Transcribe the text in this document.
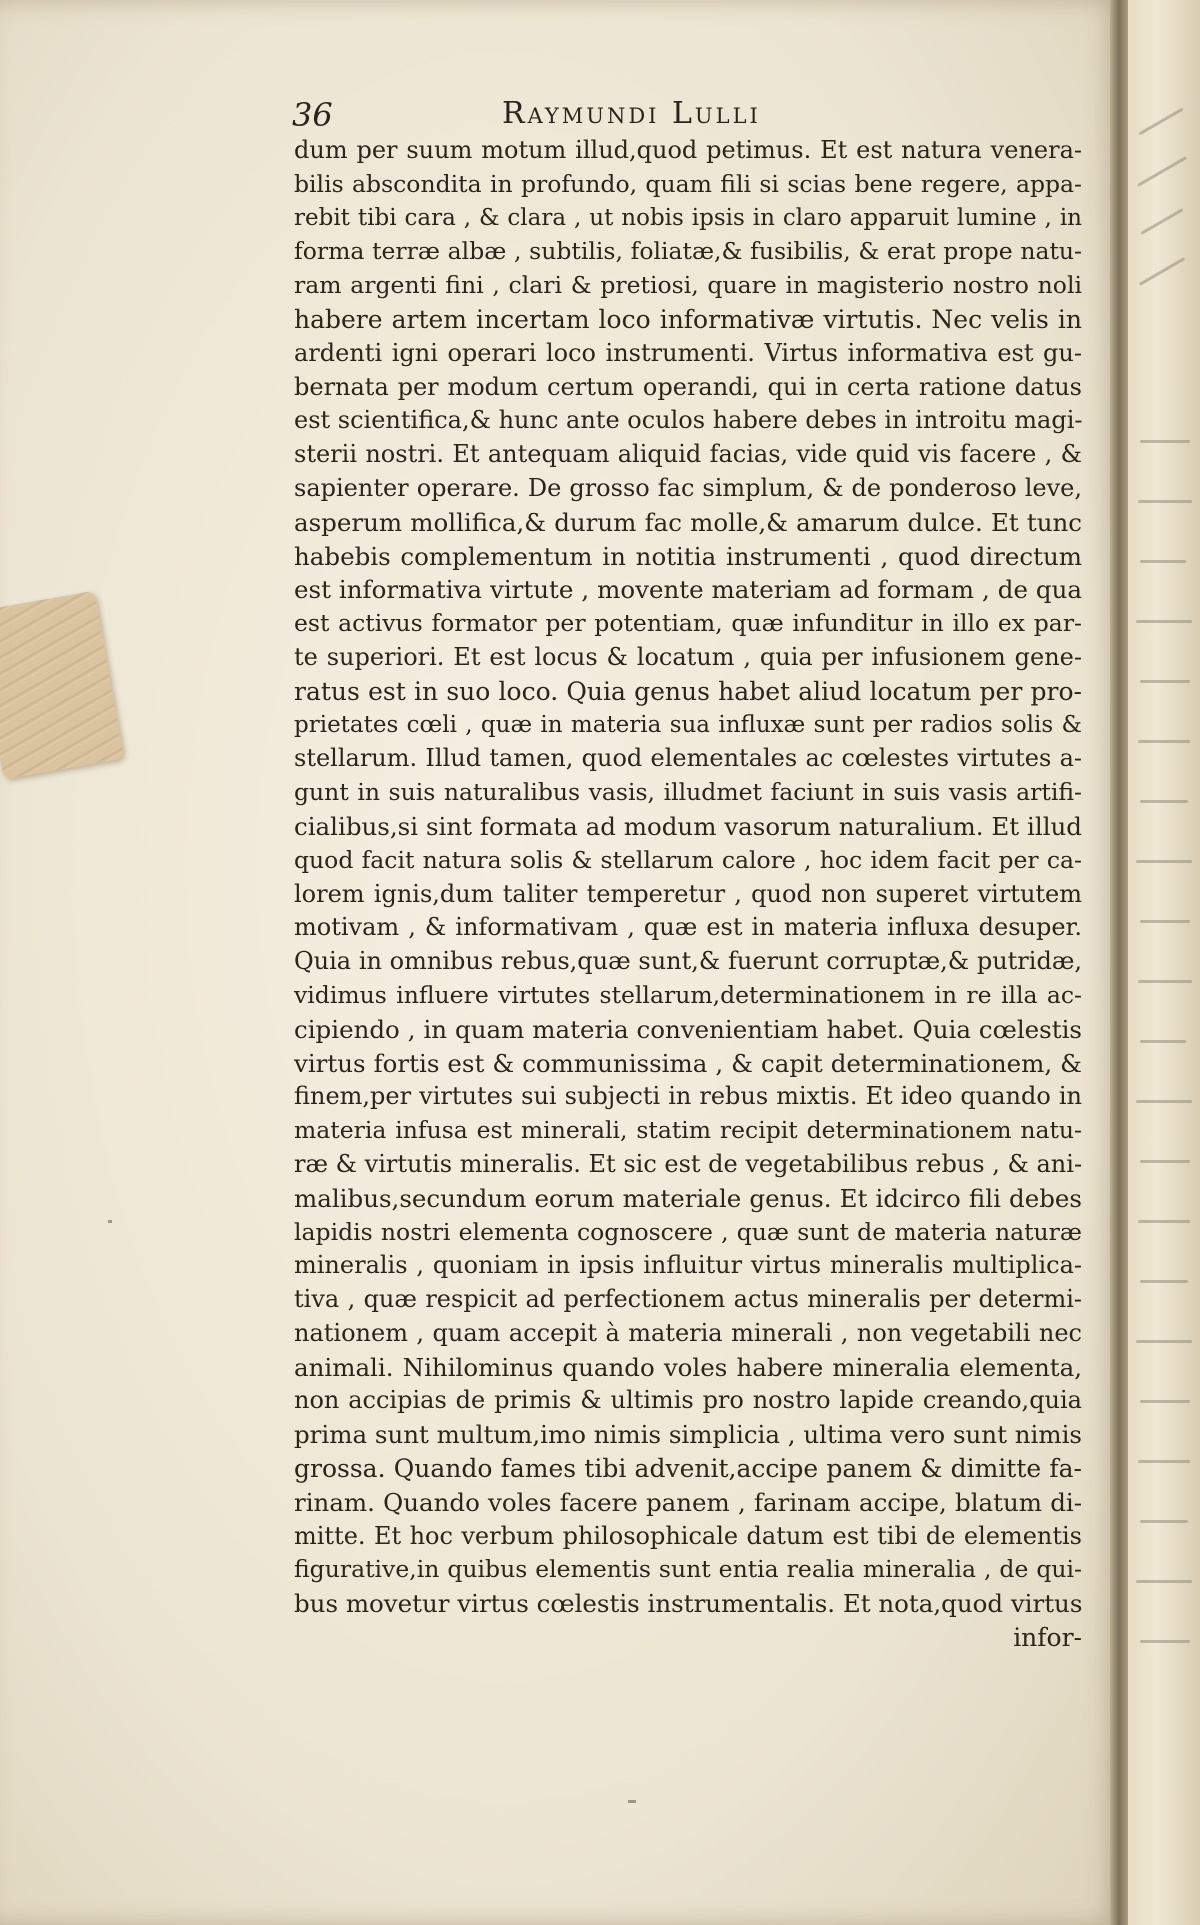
36	Raymundi Lulli
dum per suum motum illud,quod petimus. Et est natura venera-
bilis abscondita in profundo, quam fili si scias bene regere, appa-
rebit tibi cara , & clara , ut nobis ipsis in claro apparuit lumine , in
forma terræ albæ , subtilis, foliatæ,& fusibilis, & erat prope natu-
ram argenti fini , clari & pretiosi, quare in magisterio nostro noli
habere artem incertam loco informativæ virtutis. Nec velis in
ardenti igni operari loco instrumenti. Virtus informativa est gu-
bernata per modum certum operandi, qui in certa ratione datus
est scientifica,& hunc ante oculos habere debes in introitu magi-
sterii nostri. Et antequam aliquid facias, vide quid vis facere , &
sapienter operare. De grosso fac simplum, & de ponderoso leve,
asperum mollifica,& durum fac molle,& amarum dulce. Et tunc
habebis complementum in notitia instrumenti , quod directum
est informativa virtute , movente materiam ad formam , de qua
est activus formator per potentiam, quæ infunditur in illo ex par-
te superiori. Et est locus & locatum , quia per infusionem gene-
ratus est in suo loco. Quia genus habet aliud locatum per pro-
prietates cœli , quæ in materia sua influxæ sunt per radios solis &
stellarum. Illud tamen, quod elementales ac cœlestes virtutes a-
gunt in suis naturalibus vasis, illudmet faciunt in suis vasis artifi-
cialibus,si sint formata ad modum vasorum naturalium. Et illud
quod facit natura solis & stellarum calore , hoc idem facit per ca-
lorem ignis,dum taliter temperetur , quod non superet virtutem
motivam , & informativam , quæ est in materia influxa desuper.
Quia in omnibus rebus,quæ sunt,& fuerunt corruptæ,& putridæ,
vidimus influere virtutes stellarum,determinationem in re illa ac-
cipiendo , in quam materia convenientiam habet. Quia cœlestis
virtus fortis est & communissima , & capit determinationem, &
finem,per virtutes sui subjecti in rebus mixtis. Et ideo quando in
materia infusa est minerali, statim recipit determinationem natu-
ræ & virtutis mineralis. Et sic est de vegetabilibus rebus , & ani-
malibus,secundum eorum materiale genus. Et idcirco fili debes
lapidis nostri elementa cognoscere , quæ sunt de materia naturæ
mineralis , quoniam in ipsis influitur virtus mineralis multiplica-
tiva , quæ respicit ad perfectionem actus mineralis per determi-
nationem , quam accepit à materia minerali , non vegetabili nec
animali. Nihilominus quando voles habere mineralia elementa,
non accipias de primis & ultimis pro nostro lapide creando,quia
prima sunt multum,imo nimis simplicia , ultima vero sunt nimis
grossa. Quando fames tibi advenit,accipe panem & dimitte fa-
rinam. Quando voles facere panem , farinam accipe, blatum di-
mitte. Et hoc verbum philosophicale datum est tibi de elementis
figurative,in quibus elementis sunt entia realia mineralia , de qui-
bus movetur virtus cœlestis instrumentalis. Et nota,quod virtus
infor-
